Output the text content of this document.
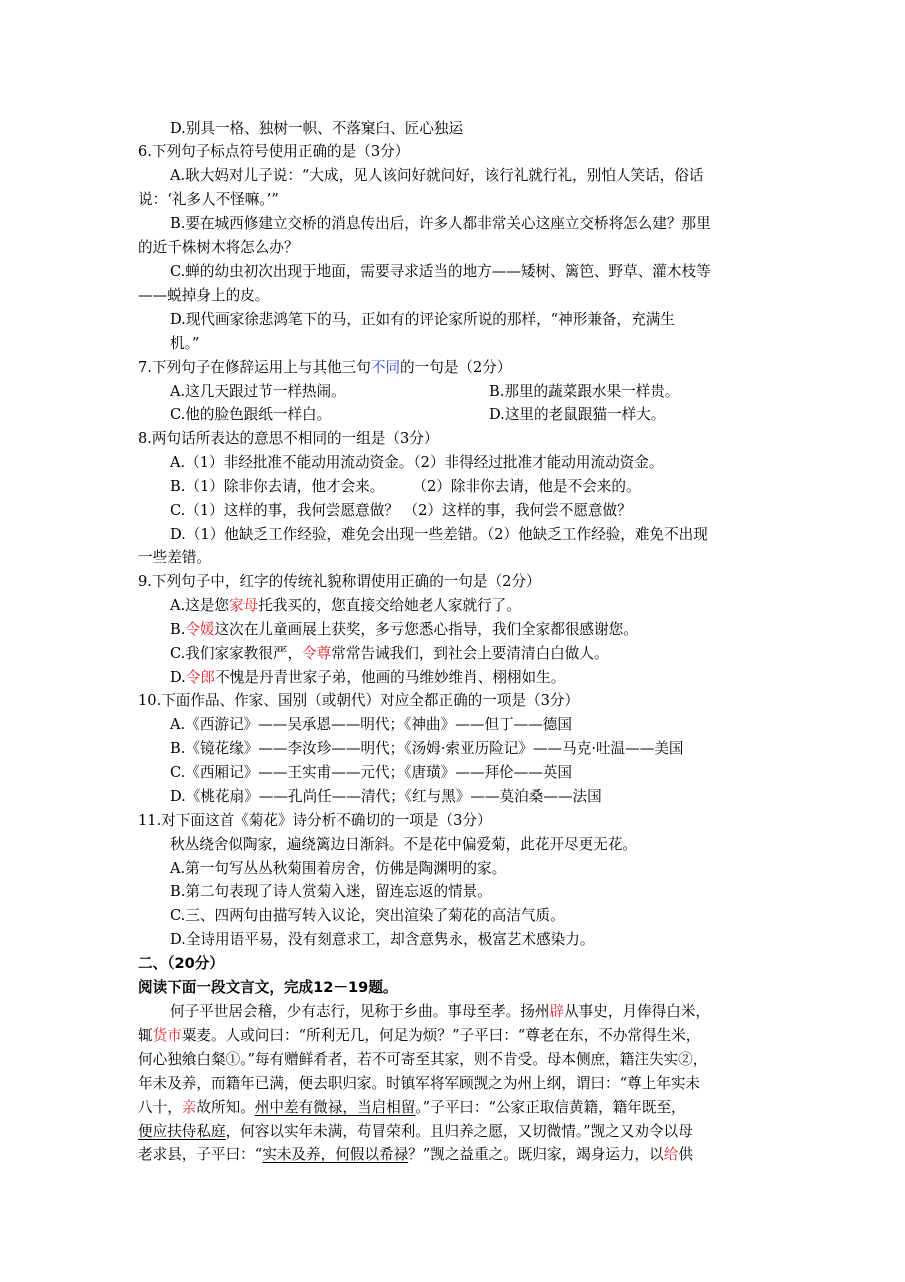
D.别具一格、独树一帜、不落窠臼、匠心独运
6.下列句子标点符号使用正确的是（3分）
A.耿大妈对儿子说：“大成，见人该问好就问好，该行礼就行礼，别怕人笑话，俗话
说：‘礼多人不怪嘛。’”
B.要在城西修建立交桥的消息传出后，许多人都非常关心这座立交桥将怎么建？那里
的近千株树木将怎么办？
C.蝉的幼虫初次出现于地面，需要寻求适当的地方——矮树、篱笆、野草、灌木枝等
——蜕掉身上的皮。
D.现代画家徐悲鸿笔下的马，正如有的评论家所说的那样，“神形兼备，充满生
机。”
7.下列句子在修辞运用上与其他三句不同的一句是（2分）
A.这几天跟过节一样热闹。	B.那里的蔬菜跟水果一样贵。
C.他的脸色跟纸一样白。	D.这里的老鼠跟猫一样大。
8.两句话所表达的意思不相同的一组是（3分）
A.（1）非经批准不能动用流动资金。（2）非得经过批准才能动用流动资金。
B.（1）除非你去请，他才会来。 （2）除非你去请，他是不会来的。
C.（1）这样的事，我何尝愿意做？ （2）这样的事，我何尝不愿意做？
D.（1）他缺乏工作经验，难免会出现一些差错。（2）他缺乏工作经验，难免不出现
一些差错。
9.下列句子中，红字的传统礼貌称谓使用正确的一句是（2分）
A.这是您家母托我买的，您直接交给她老人家就行了。
B.令媛这次在儿童画展上获奖，多亏您悉心指导，我们全家都很感谢您。
C.我们家家教很严，令尊常常告诫我们，到社会上要清清白白做人。
D.令郎不愧是丹青世家子弟，他画的马维妙维肖、栩栩如生。
10.下面作品、作家、国别（或朝代）对应全都正确的一项是（3分）
A.《西游记》——吴承恩——明代；《神曲》——但丁——德国
B.《镜花缘》——李汝珍——明代；《汤姆·索亚历险记》——马克·吐温——美国
C.《西厢记》——王实甫——元代；《唐璜》——拜伦——英国
D.《桃花扇》——孔尚任——清代；《红与黑》——莫泊桑——法国
11.对下面这首《菊花》诗分析不确切的一项是（3分）
秋丛绕舍似陶家，遍绕篱边日渐斜。不是花中偏爱菊，此花开尽更无花。
A.第一句写丛丛秋菊围着房舍，仿佛是陶渊明的家。
B.第二句表现了诗人赏菊入迷，留连忘返的情景。
C.三、四两句由描写转入议论，突出渲染了菊花的高洁气质。
D.全诗用语平易，没有刻意求工，却含意隽永，极富艺术感染力。
二、（20分）
阅读下面一段文言文，完成12－19题。
何子平世居会稽，少有志行，见称于乡曲。事母至孝。扬州辟从事史，月俸得白米，
辄货市粟麦。人或问曰：“所利无几，何足为烦？”子平曰：“尊老在东，不办常得生米，
何心独飨白粲①。”每有赠鲜肴者，若不可寄至其家，则不肯受。母本侧庶，籍注失实②，
年未及养，而籍年已满，便去职归家。时镇军将军顾觊之为州上纲，谓曰：“尊上年实未
八十，亲故所知。州中差有微禄，当启相留。”子平曰：“公家正取信黄籍，籍年既至，
便应扶侍私庭，何容以实年未满，苟冒荣利。且归养之愿，又切微情。”觊之又劝令以母
老求县，子平曰：“实未及养，何假以希禄？”觊之益重之。既归家，竭身运力，以给供
